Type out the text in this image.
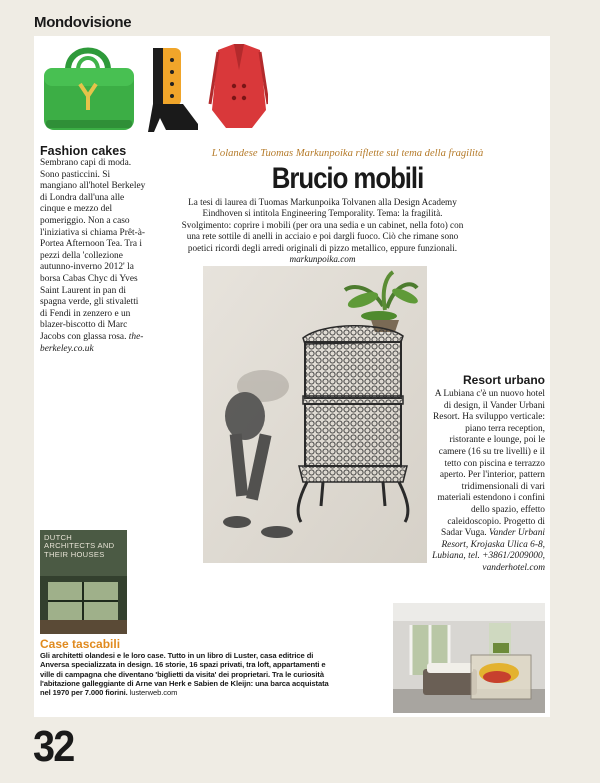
Mondovisione
Fashion cakes
Sembrano capi di moda. Sono pasticcini. Si mangiano all'hotel Berkeley di Londra dall'una alle cinque e mezzo del pomeriggio. Non a caso l'iniziativa si chiama Prêt-à-Portea Afternoon Tea. Tra i pezzi della 'collezione autunno-inverno 2012' la borsa Cabas Chyc di Yves Saint Laurent in pan di spagna verde, gli stivaletti di Fendi in zenzero e un blazer-biscotto di Marc Jacobs con glassa rosa. the-berkeley.co.uk
L'olandese Tuomas Markunpoika riflette sul tema della fragilità
Brucio mobili
La tesi di laurea di Tuomas Markunpoika Tolvanen alla Design Academy Eindhoven si intitola Engineering Temporality. Tema: la fragilità. Svolgimento: coprire i mobili (per ora una sedia e un cabinet, nella foto) con una rete sottile di anelli in acciaio e poi dargli fuoco. Ciò che rimane sono poetici ricordi degli arredi originali di pizzo metallico, eppure funzionali. markunpoika.com
Resort urbano
A Lubiana c'è un nuovo hotel di design, il Vander Urbani Resort. Ha sviluppo verticale: piano terra reception, ristorante e lounge, poi le camere (16 su tre livelli) e il tetto con piscina e terrazzo aperto. Per l'interior, pattern tridimensionali di vari materiali estendono i confini dello spazio, effetto caleidoscopio. Progetto di Sadar Vuga. Vander Urbani Resort, Krojaska Ulica 6-8, Lubiana, tel. +3861/2009000, vanderhotel.com
DUTCH
ARCHITECTS AND
THEIR HOUSES
Case tascabili
Gli architetti olandesi e le loro case. Tutto in un libro di Luster, casa editrice di Anversa specializzata in design. 16 storie, 16 spazi privati, tra loft, appartamenti e ville di campagna che diventano 'biglietti da visita' dei proprietari. Tra le curiosità l'abitazione galleggiante di Arne van Herk e Sabien de Kleijn: una barca acquistata nel 1970 per 7.000 fiorini. lusterweb.com
32
